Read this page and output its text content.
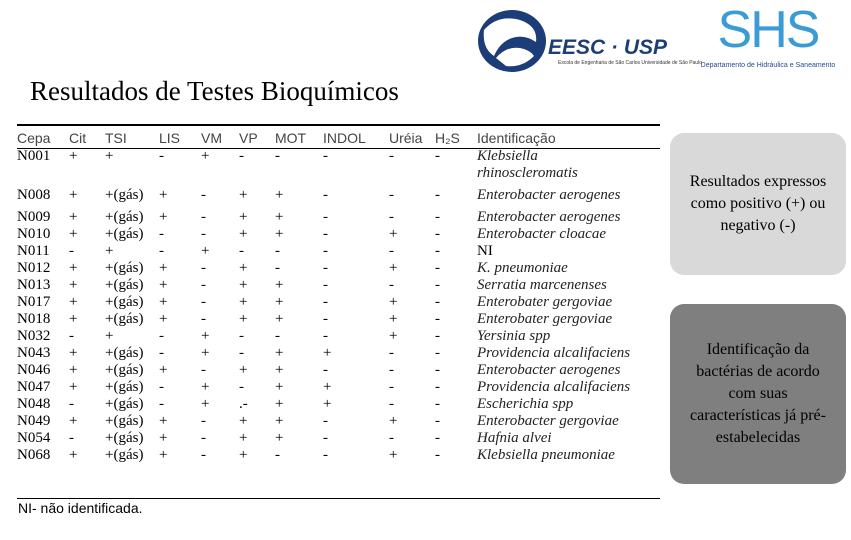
Resultados de Testes Bioquímicos
EESC · USP
Escola de Engenharia de São Carlos Universidade de São Paulo
SHS
Departamento de Hidráulica e Saneamento
Cepa	Cit	TSI	LIS	VM	VP	MOT	INDOL	Uréia	H₂S	Identificação
N001	+	+	-	+	-	-	-	-	-	Klebsiella
										rhinoscleromatis
N008	+	+(gás)	+	-	+	+	-	-	-	Enterobacter aerogenes
N009	+	+(gás)	+	-	+	+	-	-	-	Enterobacter aerogenes
N010	+	+(gás)	-	-	+	+	-	+	-	Enterobacter cloacae
N011	-	+	-	+	-	-	-	-	-	NI
N012	+	+(gás)	+	-	+	-	-	+	-	K. pneumoniae
N013	+	+(gás)	+	-	+	+	-	-	-	Serratia marcenenses
N017	+	+(gás)	+	-	+	+	-	+	-	Enterobater gergoviae
N018	+	+(gás)	+	-	+	+	-	+	-	Enterobater gergoviae
N032	-	+	-	+	-	-	-	+	-	Yersinia spp
N043	+	+(gás)	-	+	-	+	+	-	-	Providencia alcalifaciens
N046	+	+(gás)	+	-	+	+	-	-	-	Enterobacter aerogenes
N047	+	+(gás)	-	+	-	+	+	-	-	Providencia alcalifaciens
N048	-	+(gás)	-	+	.-	+	+	-	-	Escherichia spp
N049	+	+(gás)	+	-	+	+	-	+	-	Enterobacter gergoviae
N054	-	+(gás)	+	-	+	+	-	-	-	Hafnia alvei
N068	+	+(gás)	+	-	+	-	-	+	-	Klebsiella pneumoniae
NI- não identificada.
Resultados expressos como positivo (+) ou negativo (-)
Identificação da bactérias de acordo com suas características já pré-estabelecidas
